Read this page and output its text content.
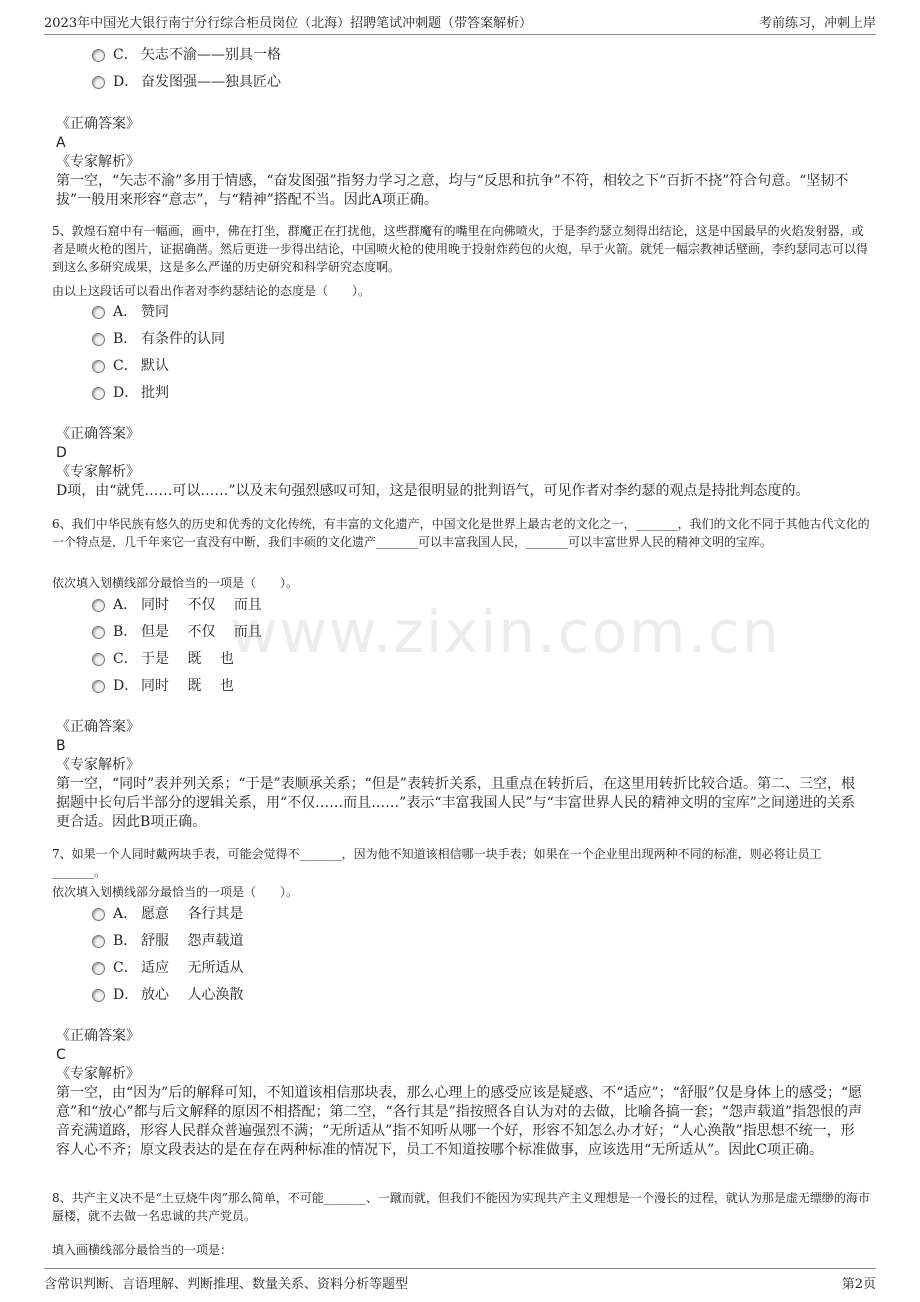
2023年中国光大银行南宁分行综合柜员岗位（北海）招聘笔试冲刺题（带答案解析）	考前练习，冲刺上岸
www.zixin.com.cn
C． 矢志不渝——别具一格
D． 奋发图强——独具匠心
《正确答案》
A
《专家解析》
第一空，“矢志不渝”多用于情感，“奋发图强”指努力学习之意，均与“反思和抗争”不符，相较之下“百折不挠”符合句意。“坚韧不拔”一般用来形容“意志”，与“精神”搭配不当。因此A项正确。
5、敦煌石窟中有一幅画，画中，佛在打坐，群魔正在打扰他，这些群魔有的嘴里在向佛喷火，于是李约瑟立刻得出结论，这是中国最早的火焰发射器，或者是喷火枪的图片，证据确凿。然后更进一步得出结论，中国喷火枪的使用晚于投射炸药包的火炮，早于火箭。就凭一幅宗教神话壁画，李约瑟同志可以得到这么多研究成果，这是多么严谨的历史研究和科学研究态度啊。
由以上这段话可以看出作者对李约瑟结论的态度是（　　）。
A． 赞同
B． 有条件的认同
C． 默认
D． 批判
《正确答案》
D
《专家解析》
D项，由“就凭……可以……”以及末句强烈感叹可知，这是很明显的批判语气，可见作者对李约瑟的观点是持批判态度的。
6、我们中华民族有悠久的历史和优秀的文化传统，有丰富的文化遗产，中国文化是世界上最古老的文化之一，_______，我们的文化不同于其他古代文化的一个特点是，几千年来它一直没有中断，我们丰硕的文化遗产_______可以丰富我国人民，_______可以丰富世界人民的精神文明的宝库。
依次填入划横线部分最恰当的一项是（　　）。
A． 同时　 不仅　 而且
B． 但是　 不仅　 而且
C． 于是　 既　 也
D． 同时　 既　 也
《正确答案》
B
《专家解析》
第一空，“同时”表并列关系；“于是”表顺承关系；“但是”表转折关系，且重点在转折后，在这里用转折比较合适。第二、三空，根据题中长句后半部分的逻辑关系，用“不仅……而且……”表示“丰富我国人民”与“丰富世界人民的精神文明的宝库”之间递进的关系更合适。因此B项正确。
7、如果一个人同时戴两块手表，可能会觉得不_______，因为他不知道该相信哪一块手表；如果在一个企业里出现两种不同的标准，则必将让员工_______。
依次填入划横线部分最恰当的一项是（　　）。
A． 愿意　 各行其是
B． 舒服　 怨声载道
C． 适应　 无所适从
D． 放心　 人心涣散
《正确答案》
C
《专家解析》
第一空，由“因为”后的解释可知，不知道该相信那块表，那么心理上的感受应该是疑惑、不“适应”；“舒服”仅是身体上的感受；“愿意”和“放心”都与后文解释的原因不相搭配；第二空，“各行其是”指按照各自认为对的去做，比喻各搞一套；“怨声载道”指怨恨的声音充满道路，形容人民群众普遍强烈不满；“无所适从”指不知听从哪一个好，形容不知怎么办才好；“人心涣散”指思想不统一，形容人心不齐；原文段表达的是在存在两种标准的情况下，员工不知道按哪个标准做事，应该选用“无所适从”。因此C项正确。
8、共产主义决不是“土豆烧牛肉”那么简单，不可能_______、一蹴而就，但我们不能因为实现共产主义理想是一个漫长的过程，就认为那是虚无缥缈的海市蜃楼，就不去做一名忠诚的共产党员。
填入画横线部分最恰当的一项是：
含常识判断、言语理解、判断推理、数量关系、资料分析等题型	第2页
